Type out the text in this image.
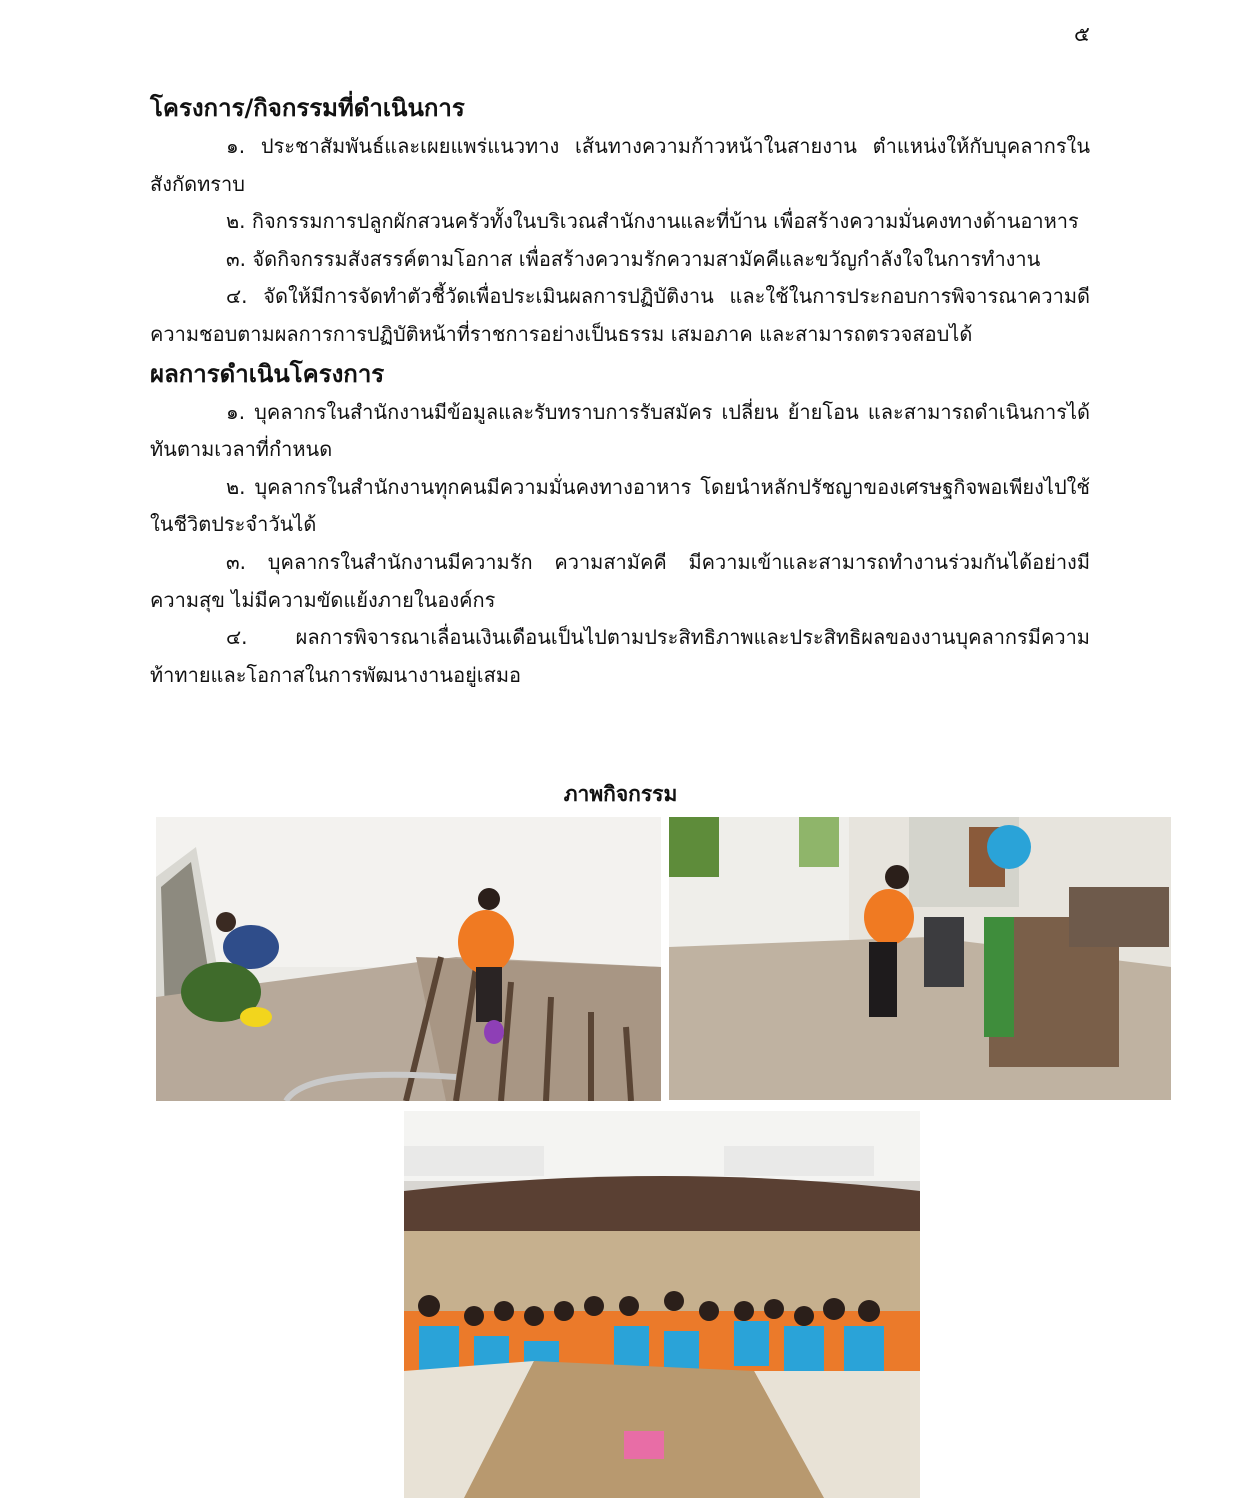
๕
โครงการ/กิจกรรมที่ดำเนินการ

๑. ประชาสัมพันธ์และเผยแพร่แนวทาง เส้นทางความก้าวหน้าในสายงาน ตำแหน่งให้กับบุคลากรในสังกัดทราบ

๒. กิจกรรมการปลูกผักสวนครัวทั้งในบริเวณสำนักงานและที่บ้าน เพื่อสร้างความมั่นคงทางด้านอาหาร

๓. จัดกิจกรรมสังสรรค์ตามโอกาส เพื่อสร้างความรักความสามัคคีและขวัญกำลังใจในการทำงาน

๔. จัดให้มีการจัดทำตัวชี้วัดเพื่อประเมินผลการปฏิบัติงาน และใช้ในการประกอบการพิจารณาความดีความชอบตามผลการการปฏิบัติหน้าที่ราชการอย่างเป็นธรรม เสมอภาค และสามารถตรวจสอบได้

ผลการดำเนินโครงการ

๑. บุคลากรในสำนักงานมีข้อมูลและรับทราบการรับสมัคร เปลี่ยน ย้ายโอน และสามารถดำเนินการได้ทันตามเวลาที่กำหนด

๒. บุคลากรในสำนักงานทุกคนมีความมั่นคงทางอาหาร โดยนำหลักปรัชญาของเศรษฐกิจพอเพียงไปใช้ในชีวิตประจำวันได้

๓. บุคลากรในสำนักงานมีความรัก ความสามัคคี มีความเข้าและสามารถทำงานร่วมกันได้อย่างมีความสุข ไม่มีความขัดแย้งภายในองค์กร

๔. ผลการพิจารณาเลื่อนเงินเดือนเป็นไปตามประสิทธิภาพและประสิทธิผลของงานบุคลากรมีความท้าทายและโอกาสในการพัฒนางานอยู่เสมอ

ภาพกิจกรรม
